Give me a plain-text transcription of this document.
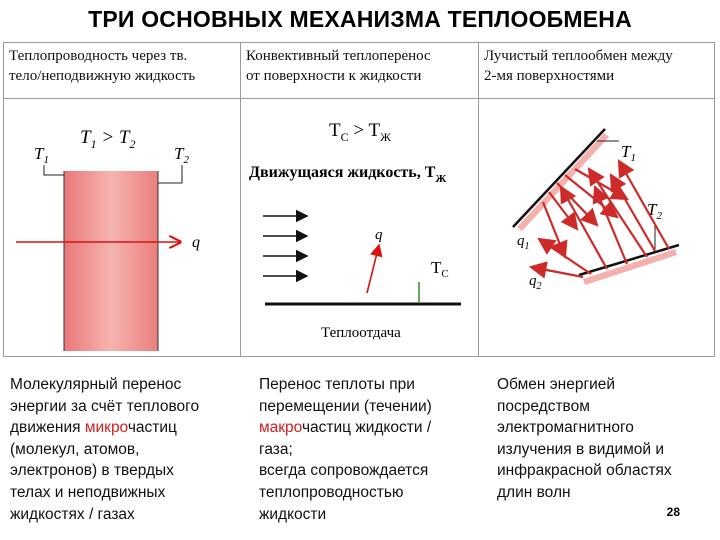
ТРИ ОСНОВНЫХ МЕХАНИЗМА ТЕПЛООБМЕНА
Теплопроводность через тв.
тело/неподвижную жидкость
Конвективный теплоперенос
от поверхности к жидкости
Лучистый теплообмен между
2-мя поверхностями
$T_1 > T_2$
$T_1$	$T_2$
q
$T_C > T_Ж$
Движущаяся жидкость, $T_Ж$
q
$T_C$
Теплоотдача
$T_1$
$T_2$
$q_1$
$q_2$
Молекулярный перенос
энергии за счёт теплового
движения микрочастиц
(молекул, атомов,
электронов) в твердых
телах и неподвижных
жидкостях / газах
Перенос теплоты при
перемещении (течении)
макрочастиц жидкости /
газа;
всегда сопровождается
теплопроводностью
жидкости
Обмен энергией
посредством
электромагнитного
излучения в видимой и
инфракрасной областях
длин волн
28
